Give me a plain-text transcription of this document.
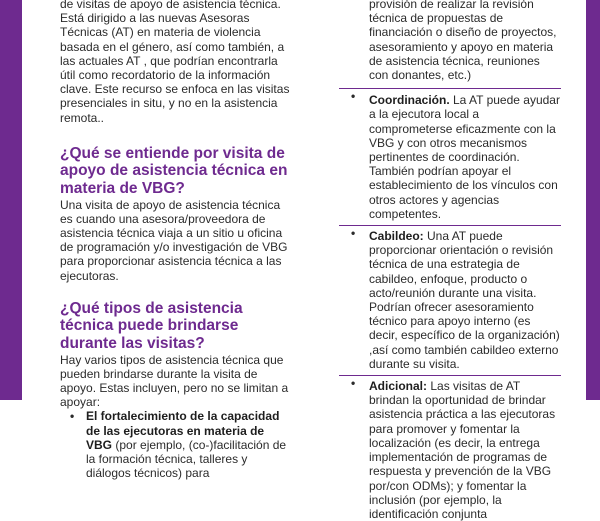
de visitas de apoyo de asistencia técnica. Está dirigido a las nuevas Asesoras Técnicas (AT) en materia de violencia basada en el género, así como también, a las actuales AT , que podrían encontrarla útil como recordatorio de la información clave. Este recurso se enfoca en las visitas presenciales in situ, y no en la asistencia remota..

¿Qué se entiende por visita de apoyo de asistencia técnica en materia de VBG?

Una visita de apoyo de asistencia técnica es cuando una asesora/proveedora de asistencia técnica viaja a un sitio u oficina de programación y/o investigación de VBG para proporcionar asistencia técnica a las ejecutoras.

¿Qué tipos de asistencia técnica puede brindarse durante las visitas?

Hay varios tipos de asistencia técnica que pueden brindarse durante la visita de apoyo. Estas incluyen, pero no se limitan a apoyar:

• El fortalecimiento de la capacidad de las ejecutoras en materia de VBG (por ejemplo, (co-)facilitación de la formación técnica, talleres y diálogos técnicos) para

provisión de realizar la revisión técnica de propuestas de financiación o diseño de proyectos, asesoramiento y apoyo en materia de asistencia técnica, reuniones con donantes, etc.)

• Coordinación. La AT puede ayudar a la ejecutora local a comprometerse eficazmente con la VBG y con otros mecanismos pertinentes de coordinación. También podrían apoyar el establecimiento de los vínculos con otros actores y agencias competentes.
• Cabildeo: Una AT puede proporcionar orientación o revisión técnica de una estrategia de cabildeo, enfoque, producto o acto/reunión durante una visita. Podrían ofrecer asesoramiento técnico para apoyo interno (es decir, específico de la organización) ,así como también cabildeo externo durante su visita.
• Adicional: Las visitas de AT brindan la oportunidad de brindar asistencia práctica a las ejecutoras para promover y fomentar la localización (es decir, la entrega implementación de programas de respuesta y prevención de la VBG por/con ODMs); y fomentar la inclusión (por ejemplo, la identificación conjunta
